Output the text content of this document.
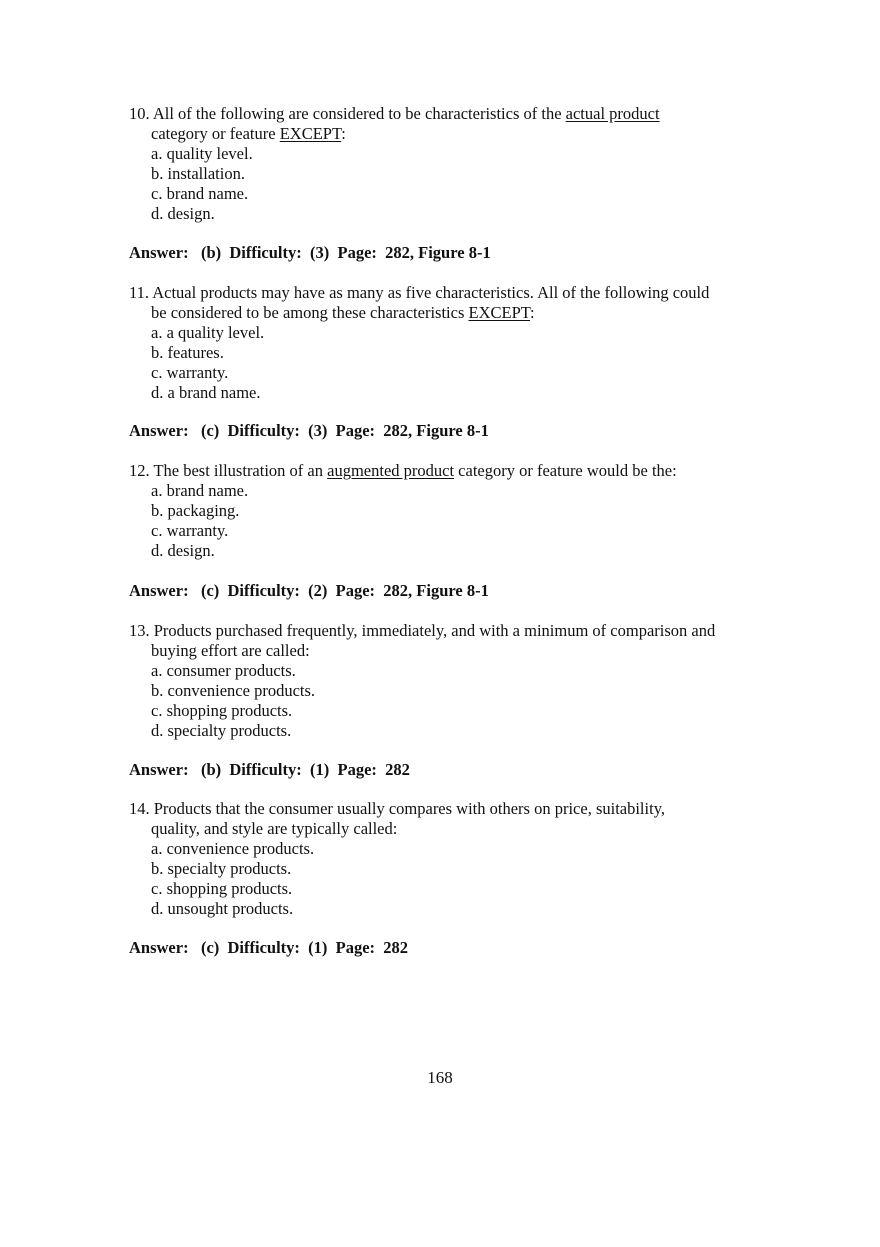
10. All of the following are considered to be characteristics of the actual product
category or feature EXCEPT:
a. quality level.
b. installation.
c. brand name.
d. design.
Answer:   (b)  Difficulty:  (3)  Page:  282, Figure 8-1
11. Actual products may have as many as five characteristics. All of the following could
be considered to be among these characteristics EXCEPT:
a. a quality level.
b. features.
c. warranty.
d. a brand name.
Answer:   (c)  Difficulty:  (3)  Page:  282, Figure 8-1
12. The best illustration of an augmented product category or feature would be the:
a. brand name.
b. packaging.
c. warranty.
d. design.
Answer:   (c)  Difficulty:  (2)  Page:  282, Figure 8-1
13. Products purchased frequently, immediately, and with a minimum of comparison and
buying effort are called:
a. consumer products.
b. convenience products.
c. shopping products.
d. specialty products.
Answer:   (b)  Difficulty:  (1)  Page:  282
14. Products that the consumer usually compares with others on price, suitability,
quality, and style are typically called:
a. convenience products.
b. specialty products.
c. shopping products.
d. unsought products.
Answer:   (c)  Difficulty:  (1)  Page:  282
168
